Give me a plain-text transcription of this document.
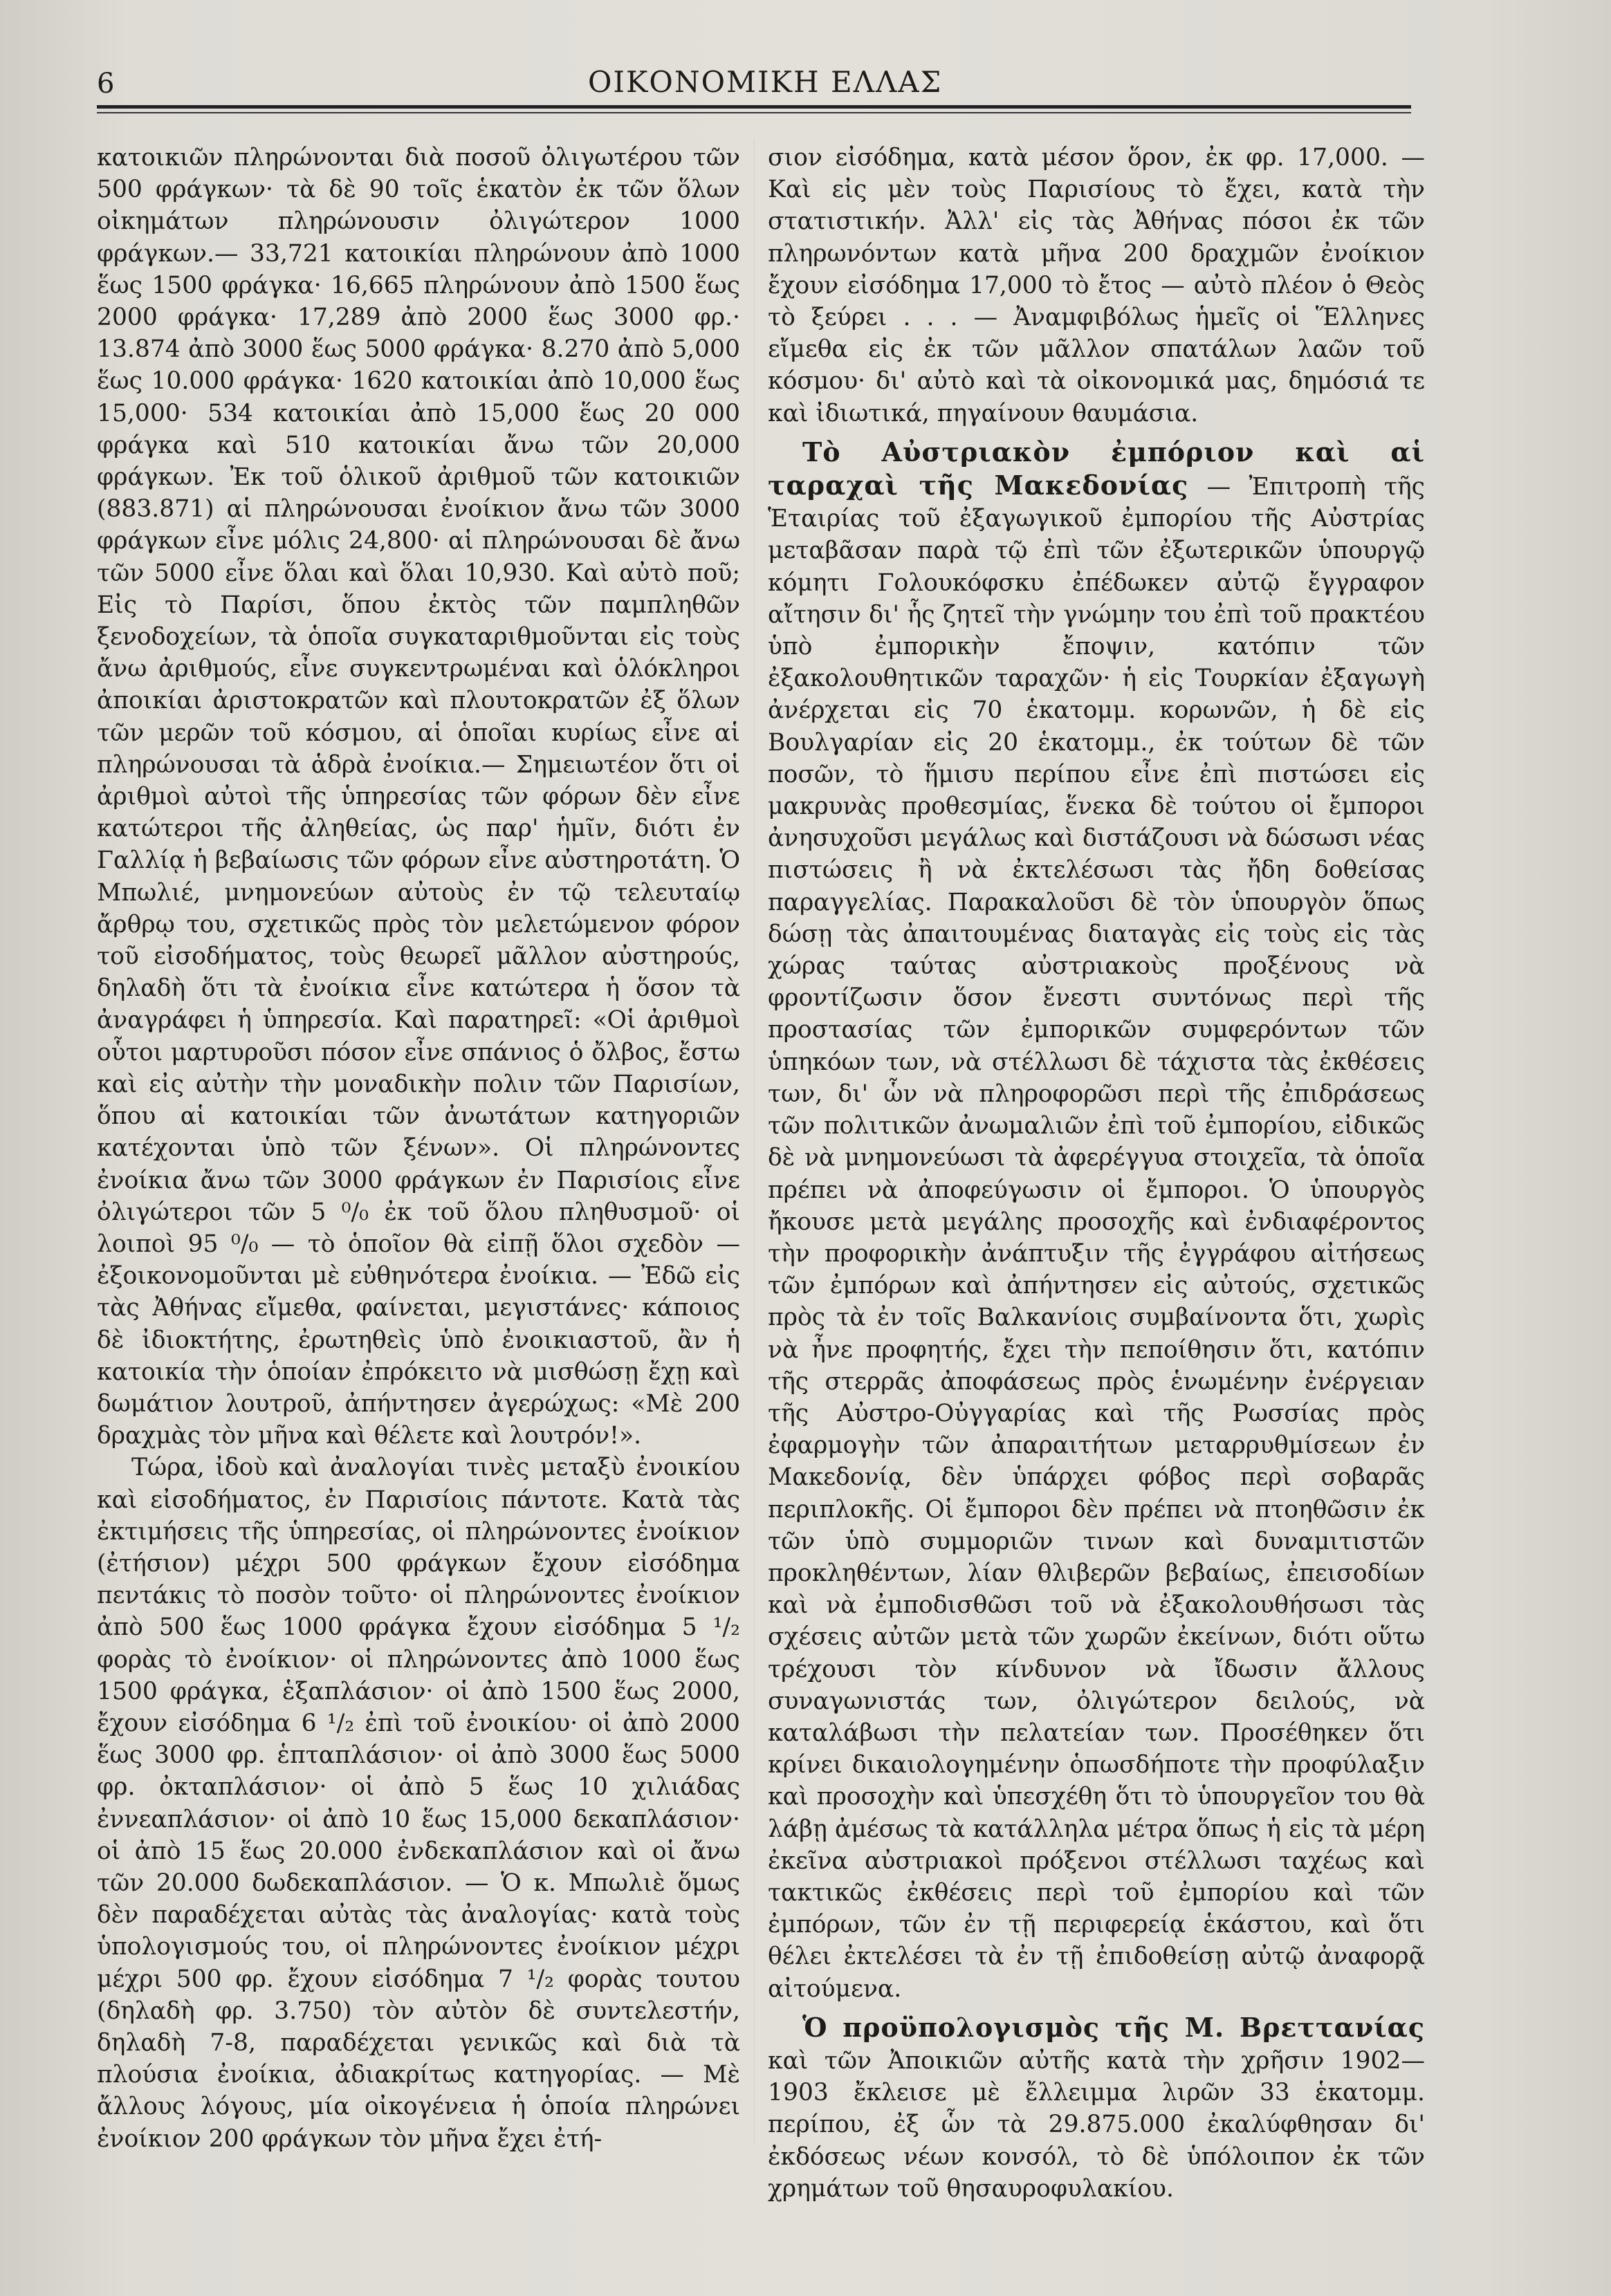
6	ΟΙΚΟΝΟΜΙΚΗ ΕΛΛΑΣ

κατοικιῶν πληρώνονται διὰ ποσοῦ ὀλιγωτέρου τῶν 500 φράγκων· τὰ δὲ 90 τοῖς ἑκατὸν ἐκ τῶν ὅλων οἰκημάτων πληρώνουσιν ὀλιγώτερον 1000 φράγκων.— 33,721 κατοικίαι πληρώνουν ἀπὸ 1000 ἕως 1500 φράγκα· 16,665 πληρώνουν ἀπὸ 1500 ἕως 2000 φράγκα· 17,289 ἀπὸ 2000 ἕως 3000 φρ.· 13.874 ἀπὸ 3000 ἕως 5000 φράγκα· 8.270 ἀπὸ 5,000 ἕως 10.000 φράγκα· 1620 κατοικίαι ἀπὸ 10,000 ἕως 15,000· 534 κατοικίαι ἀπὸ 15,000 ἕως 20 000 φράγκα καὶ 510 κατοικίαι ἄνω τῶν 20,000 φράγκων. Ἐκ τοῦ ὁλικοῦ ἀριθμοῦ τῶν κατοικιῶν (883.871) αἱ πληρώνουσαι ἐνοίκιον ἄνω τῶν 3000 φράγκων εἶνε μόλις 24,800· αἱ πληρώνουσαι δὲ ἄνω τῶν 5000 εἶνε ὅλαι καὶ ὅλαι 10,930. Καὶ αὐτὸ ποῦ; Εἰς τὸ Παρίσι, ὅπου ἐκτὸς τῶν παμπληθῶν ξενοδοχείων, τὰ ὁποῖα συγκαταριθμοῦνται εἰς τοὺς ἄνω ἀριθμούς, εἶνε συγκεντρωμέναι καὶ ὁλόκληροι ἀποικίαι ἀριστοκρατῶν καὶ πλουτοκρατῶν ἐξ ὅλων τῶν μερῶν τοῦ κόσμου, αἱ ὁποῖαι κυρίως εἶνε αἱ πληρώνουσαι τὰ ἁδρὰ ἐνοίκια.— Σημειωτέον ὅτι οἱ ἀριθμοὶ αὐτοὶ τῆς ὑπηρεσίας τῶν φόρων δὲν εἶνε κατώτεροι τῆς ἀληθείας, ὡς παρ' ἡμῖν, διότι ἐν Γαλλίᾳ ἡ βεβαίωσις τῶν φόρων εἶνε αὐστηροτάτη. Ὁ Μπωλιέ, μνημονεύων αὐτοὺς ἐν τῷ τελευταίῳ ἄρθρῳ του, σχετικῶς πρὸς τὸν μελετώμενον φόρον τοῦ εἰσοδήματος, τοὺς θεωρεῖ μᾶλλον αὐστηρούς, δηλαδὴ ὅτι τὰ ἐνοίκια εἶνε κατώτερα ἡ ὅσον τὰ ἀναγράφει ἡ ὑπηρεσία. Καὶ παρατηρεῖ: «Οἱ ἀριθμοὶ οὗτοι μαρτυροῦσι πόσον εἶνε σπάνιος ὁ ὄλβος, ἔστω καὶ εἰς αὐτὴν τὴν μοναδικὴν πολιν τῶν Παρισίων, ὅπου αἱ κατοικίαι τῶν ἀνωτάτων κατηγοριῶν κατέχονται ὑπὸ τῶν ξένων». Οἱ πληρώνοντες ἐνοίκια ἄνω τῶν 3000 φράγκων ἐν Παρισίοις εἶνε ὀλιγώτεροι τῶν 5 ⁰/₀ ἐκ τοῦ ὅλου πληθυσμοῦ· οἱ λοιποὶ 95 ⁰/₀ — τὸ ὁποῖον θὰ εἰπῇ ὅλοι σχεδὸν — ἐξοικονομοῦνται μὲ εὐθηνότερα ἐνοίκια. — Ἐδῶ εἰς τὰς Ἀθήνας εἴμεθα, φαίνεται, μεγιστάνες· κάποιος δὲ ἰδιοκτήτης, ἐρωτηθεὶς ὑπὸ ἐνοικιαστοῦ, ἂν ἡ κατοικία τὴν ὁποίαν ἐπρόκειτο νὰ μισθώσῃ ἔχῃ καὶ δωμάτιον λουτροῦ, ἀπήντησεν ἀγερώχως: «Μὲ 200 δραχμὰς τὸν μῆνα καὶ θέλετε καὶ λουτρόν!».

Τώρα, ἰδοὺ καὶ ἀναλογίαι τινὲς μεταξὺ ἐνοικίου καὶ εἰσοδήματος, ἐν Παρισίοις πάντοτε. Κατὰ τὰς ἐκτιμήσεις τῆς ὑπηρεσίας, οἱ πληρώνοντες ἐνοίκιον (ἐτήσιον) μέχρι 500 φράγκων ἔχουν εἰσόδημα πεντάκις τὸ ποσὸν τοῦτο· οἱ πληρώνοντες ἐνοίκιον ἀπὸ 500 ἕως 1000 φράγκα ἔχουν εἰσόδημα 5 ¹/₂ φορὰς τὸ ἐνοίκιον· οἱ πληρώνοντες ἀπὸ 1000 ἕως 1500 φράγκα, ἑξαπλάσιον· οἱ ἀπὸ 1500 ἕως 2000, ἔχουν εἰσόδημα 6 ¹/₂ ἐπὶ τοῦ ἐνοικίου· οἱ ἀπὸ 2000 ἕως 3000 φρ. ἑπταπλάσιον· οἱ ἀπὸ 3000 ἕως 5000 φρ. ὀκταπλάσιον· οἱ ἀπὸ 5 ἕως 10 χιλιάδας ἐννεαπλάσιον· οἱ ἀπὸ 10 ἕως 15,000 δεκαπλάσιον· οἱ ἀπὸ 15 ἕως 20.000 ἐνδεκαπλάσιον καὶ οἱ ἄνω τῶν 20.000 δωδεκαπλάσιον. — Ὁ κ. Μπωλιὲ ὅμως δὲν παραδέχεται αὐτὰς τὰς ἀναλογίας· κατὰ τοὺς ὑπολογισμούς του, οἱ πληρώνοντες ἐνοίκιον μέχρι μέχρι 500 φρ. ἔχουν εἰσόδημα 7 ¹/₂ φορὰς τουτου (δηλαδὴ φρ. 3.750) τὸν αὐτὸν δὲ συντελεστήν, δηλαδὴ 7-8, παραδέχεται γενικῶς καὶ διὰ τὰ πλούσια ἐνοίκια, ἀδιακρίτως κατηγορίας. — Μὲ ἄλλους λόγους, μία οἰκογένεια ἡ ὁποία πληρώνει ἐνοίκιον 200 φράγκων τὸν μῆνα ἔχει ἐτή-

σιον εἰσόδημα, κατὰ μέσον ὅρον, ἐκ φρ. 17,000. — Καὶ εἰς μὲν τοὺς Παρισίους τὸ ἔχει, κατὰ τὴν στατιστικήν. Ἀλλ' εἰς τὰς Ἀθήνας πόσοι ἐκ τῶν πληρωνόντων κατὰ μῆνα 200 δραχμῶν ἐνοίκιον ἔχουν εἰσόδημα 17,000 τὸ ἔτος — αὐτὸ πλέον ὁ Θεὸς τὸ ξεύρει . . . — Ἀναμφιβόλως ἡμεῖς οἱ Ἕλληνες εἴμεθα εἰς ἐκ τῶν μᾶλλον σπατάλων λαῶν τοῦ κόσμου· δι' αὐτὸ καὶ τὰ οἰκονομικά μας, δημόσιά τε καὶ ἰδιωτικά, πηγαίνουν θαυμάσια.

Τὸ Αὐστριακὸν ἐμπόριον καὶ αἱ ταραχαὶ τῆς Μακεδονίας — Ἐπιτροπὴ τῆς Ἑταιρίας τοῦ ἐξαγωγικοῦ ἐμπορίου τῆς Αὐστρίας μεταβᾶσαν παρὰ τῷ ἐπὶ τῶν ἐξωτερικῶν ὑπουργῷ κόμητι Γολουκόφσκυ ἐπέδωκεν αὐτῷ ἔγγραφον αἴτησιν δι' ἧς ζητεῖ τὴν γνώμην του ἐπὶ τοῦ πρακτέου ὑπὸ ἐμπορικὴν ἔποψιν, κατόπιν τῶν ἐξακολουθητικῶν ταραχῶν· ἡ εἰς Τουρκίαν ἐξαγωγὴ ἀνέρχεται εἰς 70 ἑκατομμ. κορωνῶν, ἡ δὲ εἰς Βουλγαρίαν εἰς 20 ἑκατομμ., ἐκ τούτων δὲ τῶν ποσῶν, τὸ ἥμισυ περίπου εἶνε ἐπὶ πιστώσει εἰς μακρυνὰς προθεσμίας, ἕνεκα δὲ τούτου οἱ ἔμποροι ἀνησυχοῦσι μεγάλως καὶ διστάζουσι νὰ δώσωσι νέας πιστώσεις ἢ νὰ ἐκτελέσωσι τὰς ἤδη δοθείσας παραγγελίας. Παρακαλοῦσι δὲ τὸν ὑπουργὸν ὅπως δώσῃ τὰς ἀπαιτουμένας διαταγὰς εἰς τοὺς εἰς τὰς χώρας ταύτας αὐστριακοὺς προξένους νὰ φροντίζωσιν ὅσον ἔνεστι συντόνως περὶ τῆς προστασίας τῶν ἐμπορικῶν συμφερόντων τῶν ὑπηκόων των, νὰ στέλλωσι δὲ τάχιστα τὰς ἐκθέσεις των, δι' ὧν νὰ πληροφορῶσι περὶ τῆς ἐπιδράσεως τῶν πολιτικῶν ἀνωμαλιῶν ἐπὶ τοῦ ἐμπορίου, εἰδικῶς δὲ νὰ μνημονεύωσι τὰ ἀφερέγγυα στοιχεῖα, τὰ ὁποῖα πρέπει νὰ ἀποφεύγωσιν οἱ ἔμποροι. Ὁ ὑπουργὸς ἤκουσε μετὰ μεγάλης προσοχῆς καὶ ἐνδιαφέροντος τὴν προφορικὴν ἀνάπτυξιν τῆς ἐγγράφου αἰτήσεως τῶν ἐμπόρων καὶ ἀπήντησεν εἰς αὐτούς, σχετικῶς πρὸς τὰ ἐν τοῖς Βαλκανίοις συμβαίνοντα ὅτι, χωρὶς νὰ ἦνε προφητής, ἔχει τὴν πεποίθησιν ὅτι, κατόπιν τῆς στερρᾶς ἀποφάσεως πρὸς ἑνωμένην ἐνέργειαν τῆς Αὐστρο-Οὐγγαρίας καὶ τῆς Ρωσσίας πρὸς ἐφαρμογὴν τῶν ἀπαραιτήτων μεταρρυθμίσεων ἐν Μακεδονίᾳ, δὲν ὑπάρχει φόβος περὶ σοβαρᾶς περιπλοκῆς. Οἱ ἔμποροι δὲν πρέπει νὰ πτοηθῶσιν ἐκ τῶν ὑπὸ συμμοριῶν τινων καὶ δυναμιτιστῶν προκληθέντων, λίαν θλιβερῶν βεβαίως, ἐπεισοδίων καὶ νὰ ἐμποδισθῶσι τοῦ νὰ ἐξακολουθήσωσι τὰς σχέσεις αὐτῶν μετὰ τῶν χωρῶν ἐκείνων, διότι οὕτω τρέχουσι τὸν κίνδυνον νὰ ἴδωσιν ἄλλους συναγωνιστάς των, ὀλιγώτερον δειλούς, νὰ καταλάβωσι τὴν πελατείαν των. Προσέθηκεν ὅτι κρίνει δικαιολογημένην ὁπωσδήποτε τὴν προφύλαξιν καὶ προσοχὴν καὶ ὑπεσχέθη ὅτι τὸ ὑπουργεῖον του θὰ λάβῃ ἀμέσως τὰ κατάλληλα μέτρα ὅπως ἡ εἰς τὰ μέρη ἐκεῖνα αὐστριακοὶ πρόξενοι στέλλωσι ταχέως καὶ τακτικῶς ἐκθέσεις περὶ τοῦ ἐμπορίου καὶ τῶν ἐμπόρων, τῶν ἐν τῇ περιφερείᾳ ἑκάστου, καὶ ὅτι θέλει ἐκτελέσει τὰ ἐν τῇ ἐπιδοθείσῃ αὐτῷ ἀναφορᾷ αἰτούμενα.

Ὁ προϋπολογισμὸς τῆς Μ. Βρεττανίας καὶ τῶν Ἀποικιῶν αὐτῆς κατὰ τὴν χρῆσιν 1902—1903 ἔκλεισε μὲ ἔλλειμμα λιρῶν 33 ἑκατομμ. περίπου, ἐξ ὧν τὰ 29.875.000 ἐκαλύφθησαν δι' ἐκδόσεως νέων κονσόλ, τὸ δὲ ὑπόλοιπον ἐκ τῶν χρημάτων τοῦ θησαυροφυλακίου.
